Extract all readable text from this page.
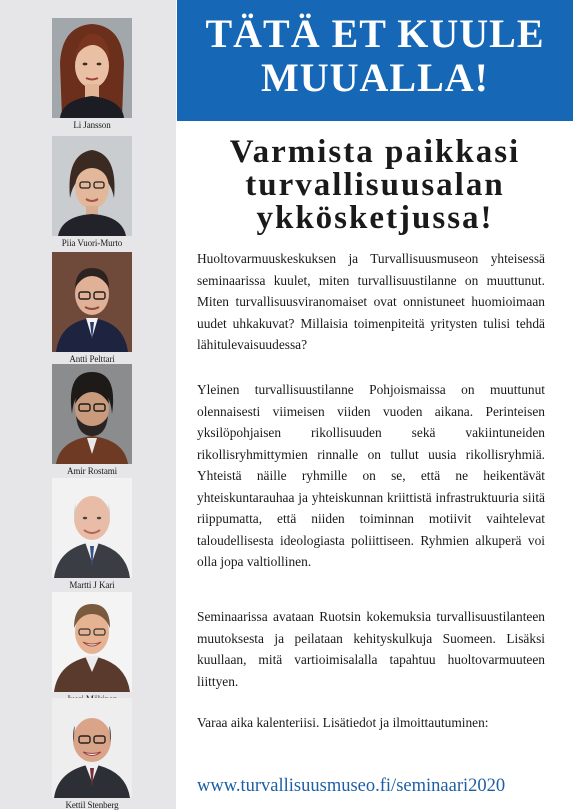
Li Jansson
Piia Vuori-Murto
Antti Pelttari
Amir Rostami
Martti J Kari
Kettil Stenberg
TÄTÄ ET KUULE MUUALLA!
Varmista paikkasi turvallisuusalan ykkösketjussa!
Huoltovarmuuskeskuksen ja Turvallisuusmuseon yhteisessä seminaarissa kuulet, miten turvallisuustilanne on muuttunut. Miten turvallisuusviranomaiset ovat onnistuneet huomioimaan uudet uhkakuvat? Millaisia toimenpiteitä yritysten tulisi tehdä lähitulevaisuudessa?
Yleinen turvallisuustilanne Pohjoismaissa on muuttunut olennaisesti viimeisen viiden vuoden aikana. Perinteisen yksilöpohjaisen rikollisuuden sekä vakiintuneiden rikollisryhmittymien rinnalle on tullut uusia rikollisryhmiä. Yhteistä näille ryhmille on se, että ne heikentävät yhteiskuntarauhaa ja yhteiskunnan kriittistä infrastruktuuria siitä riippumatta, että niiden toiminnan motiivit vaihtelevat taloudellisesta ideologiasta poliittiseen. Ryhmien alkuperä voi olla jopa valtiollinen.
Seminaarissa avataan Ruotsin kokemuksia turvallisuustilanteen muutoksesta ja peilataan kehityskulkuja Suomeen. Lisäksi kuullaan, mitä vartioimisalalla tapahtuu huoltovarmuuteen liittyen.
Varaa aika kalenteriisi. Lisätiedot ja ilmoittautuminen:
www.turvallisuusmuseo.fi/seminaari2020
